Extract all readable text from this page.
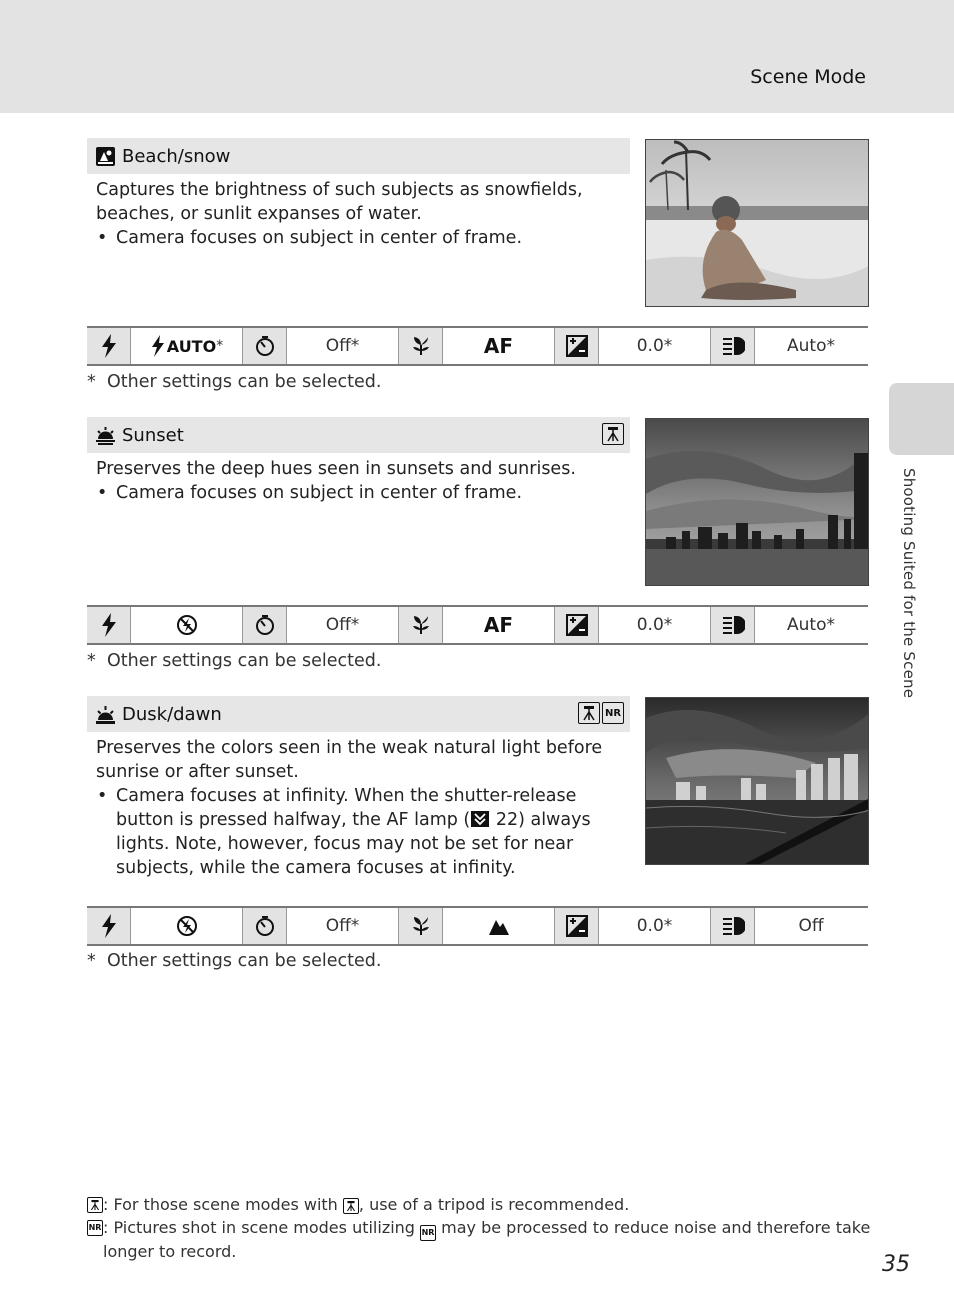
Scene Mode
Shooting Suited for the Scene
Beach/snow

Captures the brightness of such subjects as snowfields, beaches, or sunlit expanses of water.

• Camera focuses on subject in center of frame.

AUTO *	Off*	AF	0.0*	Auto*
* Other settings can be selected.
Sunset

Preserves the deep hues seen in sunsets and sunrises.

• Camera focuses on subject in center of frame.

Off*	AF	0.0*	Auto*
* Other settings can be selected.
Dusk/dawn	NR

Preserves the colors seen in the weak natural light before sunrise or after sunset.

• Camera focuses at infinity. When the shutter-release button is pressed halfway, the AF lamp (
22) always lights. Note, however, focus may not be set for near subjects, while the camera focuses at infinity.

Off*	0.0*	Off
* Other settings can be selected.
: For those scene modes with
, use of a tripod is recommended.
NR : Pictures shot in scene modes utilizing NR may be processed to reduce noise and therefore take longer to record.
35
